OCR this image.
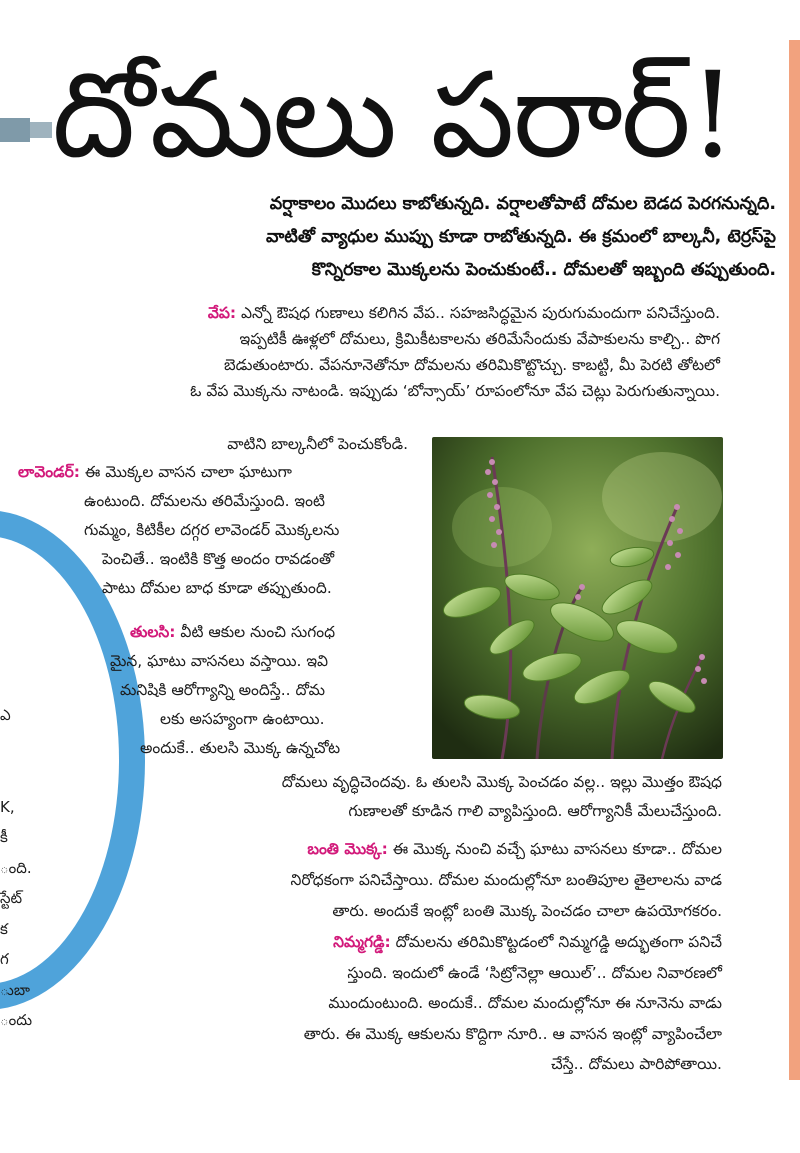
దోమలు పరార్!
వర్షాకాలం మొదలు కాబోతున్నది. వర్షాలతోపాటే దోమల బెడద పెరగనున్నది.
వాటితో వ్యాధుల ముప్పు కూడా రాబోతున్నది. ఈ క్రమంలో బాల్కనీ, టెర్రస్‌పై
కొన్నిరకాల మొక్కలను పెంచుకుంటే.. దోమలతో ఇబ్బంది తప్పుతుంది.
వేప: ఎన్నో ఔషధ గుణాలు కలిగిన వేప.. సహజసిద్ధమైన పురుగుమందుగా పనిచేస్తుంది.
ఇప్పటికీ ఊళ్లలో దోమలు, క్రిమికీటకాలను తరిమేసేందుకు వేపాకులను కాల్చి.. పొగ
బెడుతుంటారు. వేపనూనెతోనూ దోమలను తరిమికొట్టొచ్చు. కాబట్టి, మీ పెరటి తోటలో
ఓ వేప మొక్కను నాటండి. ఇప్పుడు ‘బోన్సాయ్’ రూపంలోనూ వేప చెట్లు పెరుగుతున్నాయి.
వాటిని బాల్కనీలో పెంచుకోండి.
లావెండర్: ఈ మొక్కల వాసన చాలా ఘాటుగా
ఉంటుంది. దోమలను తరిమేస్తుంది. ఇంటి
గుమ్మం, కిటికీల దగ్గర లావెండర్ మొక్కలను
పెంచితే.. ఇంటికి కొత్త అందం రావడంతో
పాటు దోమల బాధ కూడా తప్పుతుంది.
తులసి: వీటి ఆకుల నుంచి సుగంధ
మైన, ఘాటు వాసనలు వస్తాయి. ఇవి
మనిషికి ఆరోగ్యాన్ని అందిస్తే.. దోమ
లకు అసహ్యంగా ఉంటాయి.
అందుకే.. తులసి మొక్క ఉన్నచోట
దోమలు వృద్ధిచెందవు. ఓ తులసి మొక్క పెంచడం వల్ల.. ఇల్లు మొత్తం ఔషధ
గుణాలతో కూడిన గాలి వ్యాపిస్తుంది. ఆరోగ్యానికీ మేలుచేస్తుంది.
బంతి మొక్క: ఈ మొక్క నుంచి వచ్చే ఘాటు వాసనలు కూడా.. దోమల
నిరోధకంగా పనిచేస్తాయి. దోమల మందుల్లోనూ బంతిపూల తైలాలను వాడ
తారు. అందుకే ఇంట్లో బంతి మొక్క పెంచడం చాలా ఉపయోగకరం.
నిమ్మగడ్డి: దోమలను తరిమికొట్టడంలో నిమ్మగడ్డి అద్భుతంగా పనిచే
స్తుంది. ఇందులో ఉండే ‘సిట్రోనెల్లా ఆయిల్’.. దోమల నివారణలో
ముందుంటుంది. అందుకే.. దోమల మందుల్లోనూ ఈ నూనెను వాడు
తారు. ఈ మొక్క ఆకులను కొద్దిగా నూరి.. ఆ వాసన ఇంట్లో వ్యాపించేలా
చేస్తే.. దోమలు పారిపోతాయి.
ఎ

K,
కీ
ంది.
స్టేట్
క
గ
ుబా
ందు
